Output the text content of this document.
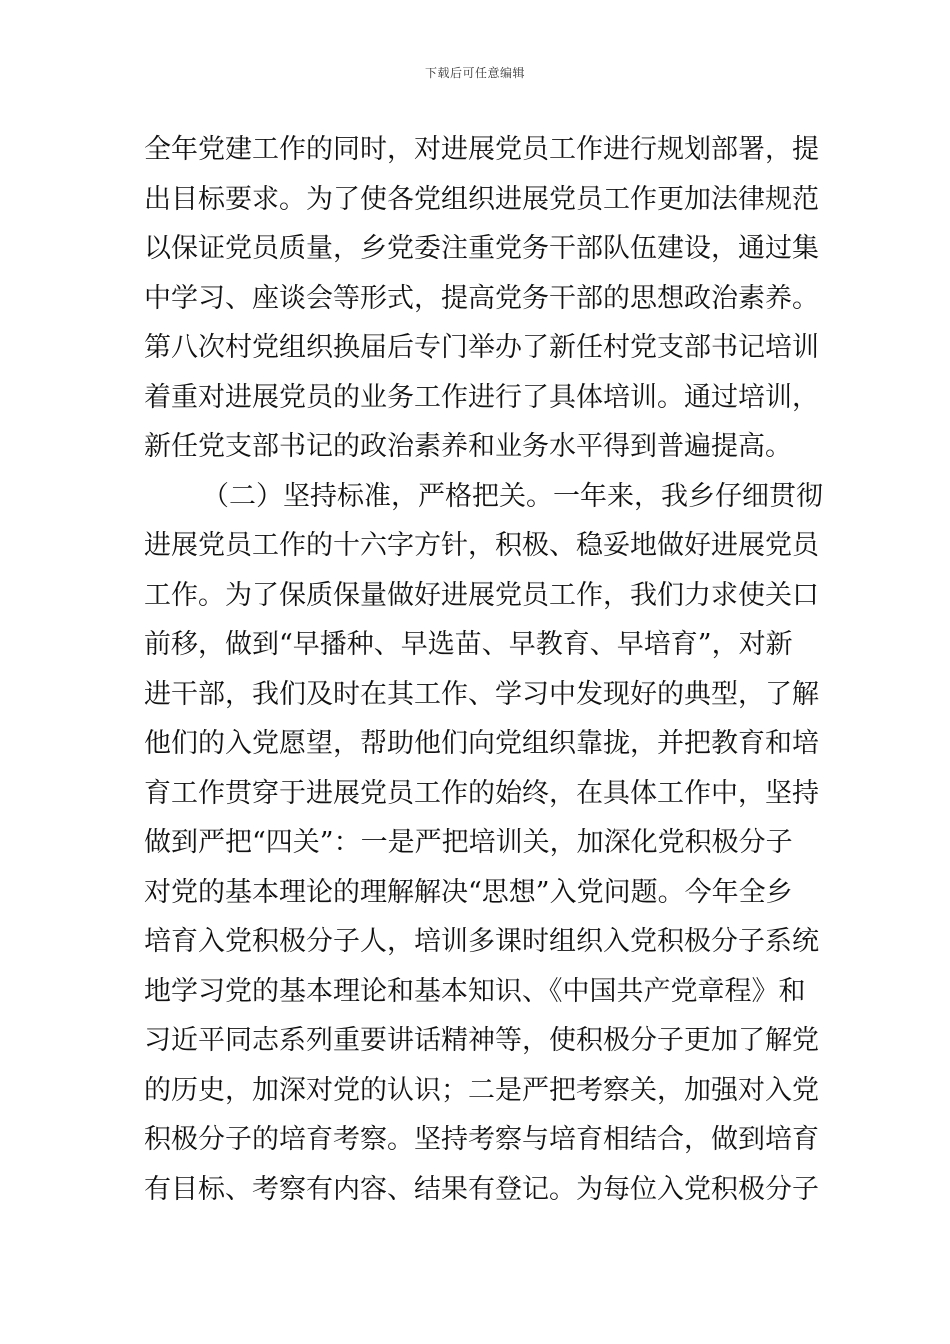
下载后可任意编辑
全年党建工作的同时，对进展党员工作进行规划部署，提
出目标要求。为了使各党组织进展党员工作更加法律规范
以保证党员质量，乡党委注重党务干部队伍建设，通过集
中学习、座谈会等形式，提高党务干部的思想政治素养。
第八次村党组织换届后专门举办了新任村党支部书记培训
着重对进展党员的业务工作进行了具体培训。通过培训，
新任党支部书记的政治素养和业务水平得到普遍提高。
（二）坚持标准，严格把关。一年来，我乡仔细贯彻
进展党员工作的十六字方针，积极、稳妥地做好进展党员
工作。为了保质保量做好进展党员工作，我们力求使关口
前移，做到“早播种、早选苗、早教育、早培育”，对新
进干部，我们及时在其工作、学习中发现好的典型，了解
他们的入党愿望，帮助他们向党组织靠拢，并把教育和培
育工作贯穿于进展党员工作的始终，在具体工作中，坚持
做到严把“四关”：一是严把培训关，加深化党积极分子
对党的基本理论的理解解决“思想”入党问题。今年全乡
培育入党积极分子人，培训多课时组织入党积极分子系统
地学习党的基本理论和基本知识、《中国共产党章程》和
习近平同志系列重要讲话精神等，使积极分子更加了解党
的历史，加深对党的认识；二是严把考察关，加强对入党
积极分子的培育考察。坚持考察与培育相结合，做到培育
有目标、考察有内容、结果有登记。为每位入党积极分子
